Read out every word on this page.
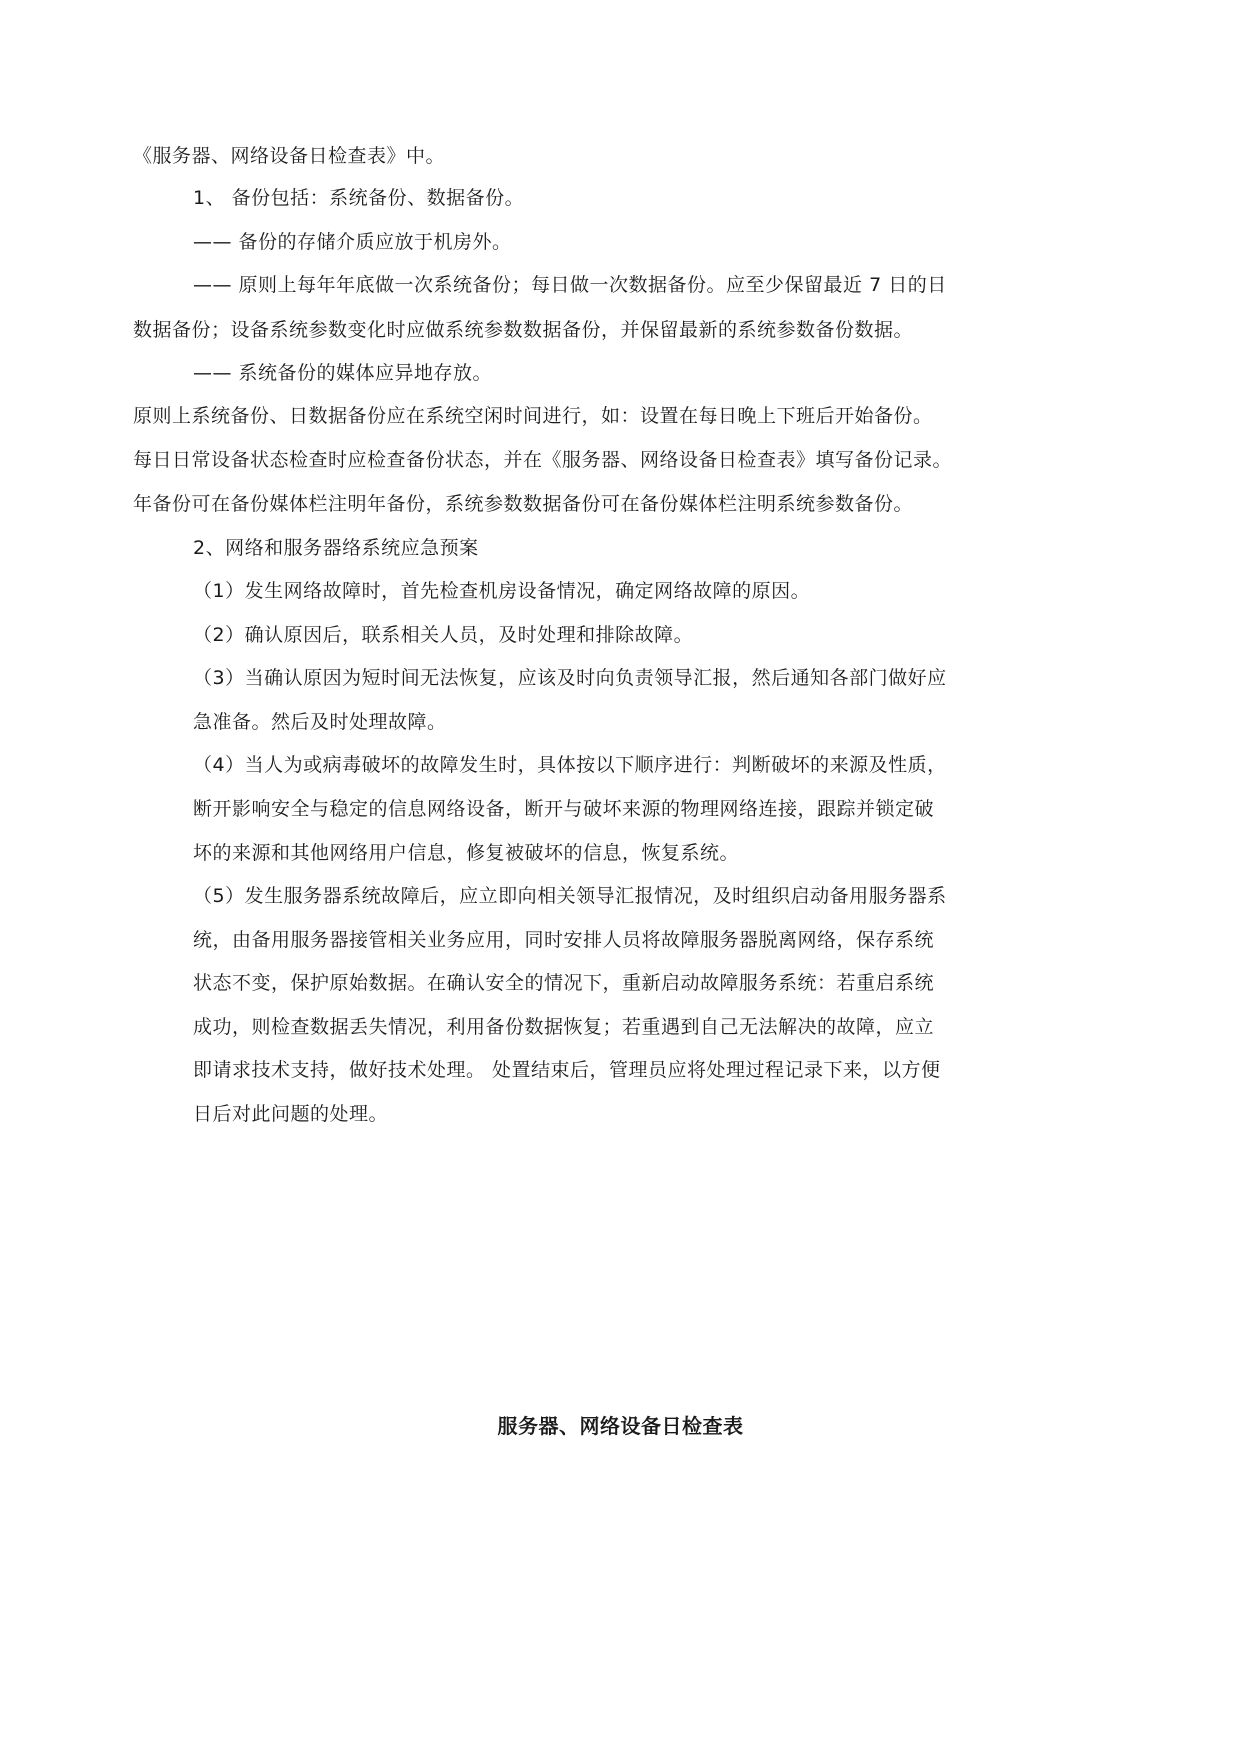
《服务器、网络设备日检查表》中。
1、 备份包括：系统备份、数据备份。
—— 备份的存储介质应放于机房外。
—— 原则上每年年底做一次系统备份；每日做一次数据备份。应至少保留最近 7 日的日
数据备份；设备系统参数变化时应做系统参数数据备份，并保留最新的系统参数备份数据。
—— 系统备份的媒体应异地存放。
原则上系统备份、日数据备份应在系统空闲时间进行，如：设置在每日晚上下班后开始备份。
每日日常设备状态检查时应检查备份状态，并在《服务器、网络设备日检查表》填写备份记录。
年备份可在备份媒体栏注明年备份，系统参数数据备份可在备份媒体栏注明系统参数备份。
2、网络和服务器络系统应急预案
（1）发生网络故障时，首先检查机房设备情况，确定网络故障的原因。
（2）确认原因后，联系相关人员，及时处理和排除故障。
（3）当确认原因为短时间无法恢复，应该及时向负责领导汇报，然后通知各部门做好应
急准备。然后及时处理故障。
（4）当人为或病毒破坏的故障发生时，具体按以下顺序进行：判断破坏的来源及性质，
断开影响安全与稳定的信息网络设备，断开与破坏来源的物理网络连接，跟踪并锁定破
坏的来源和其他网络用户信息，修复被破坏的信息，恢复系统。
（5）发生服务器系统故障后，应立即向相关领导汇报情况，及时组织启动备用服务器系
统，由备用服务器接管相关业务应用，同时安排人员将故障服务器脱离网络，保存系统
状态不变，保护原始数据。在确认安全的情况下，重新启动故障服务系统：若重启系统
成功，则检查数据丢失情况，利用备份数据恢复；若重遇到自己无法解决的故障，应立
即请求技术支持，做好技术处理。 处置结束后，管理员应将处理过程记录下来，以方便
日后对此问题的处理。
服务器、网络设备日检查表
